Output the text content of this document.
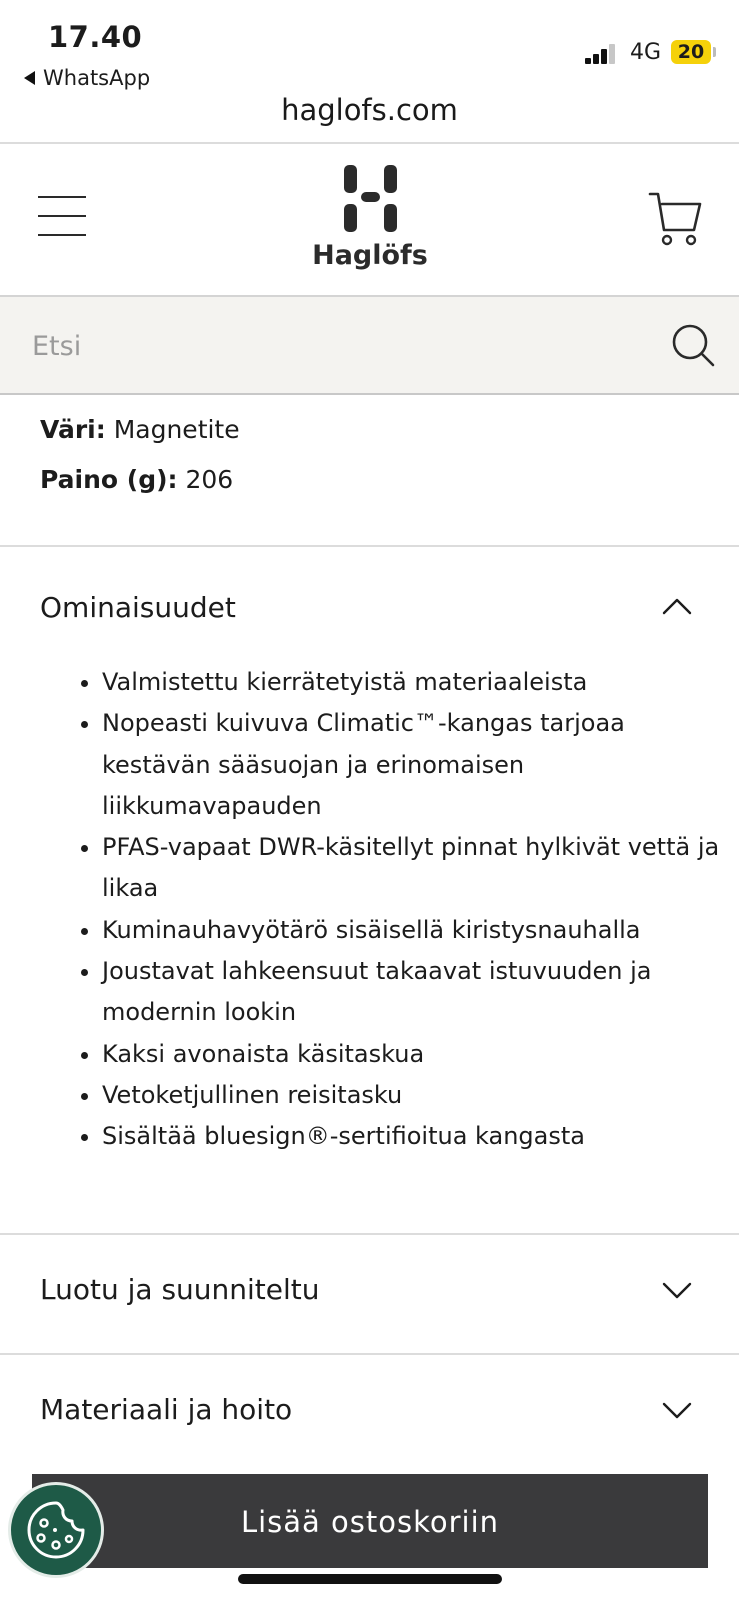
17.40
WhatsApp
4G 20
haglofs.com
Haglöfs
Etsi
Väri: Magnetite
Paino (g): 206
Ominaisuudet
• Valmistettu kierrätetyistä materiaaleista
• Nopeasti kuivuva Climatic™-kangas tarjoaa kestävän sääsuojan ja erinomaisen liikkumavapauden
• PFAS-vapaat DWR-käsitellyt pinnat hylkivät vettä ja likaa
• Kuminauhavyötärö sisäisellä kiristysnauhalla
• Joustavat lahkeensuut takaavat istuvuuden ja modernin lookin
• Kaksi avonaista käsitaskua
• Vetoketjullinen reisitasku
• Sisältää bluesign®-sertifioitua kangasta
Luotu ja suunniteltu
Materiaali ja hoito
Lisää ostoskoriin
